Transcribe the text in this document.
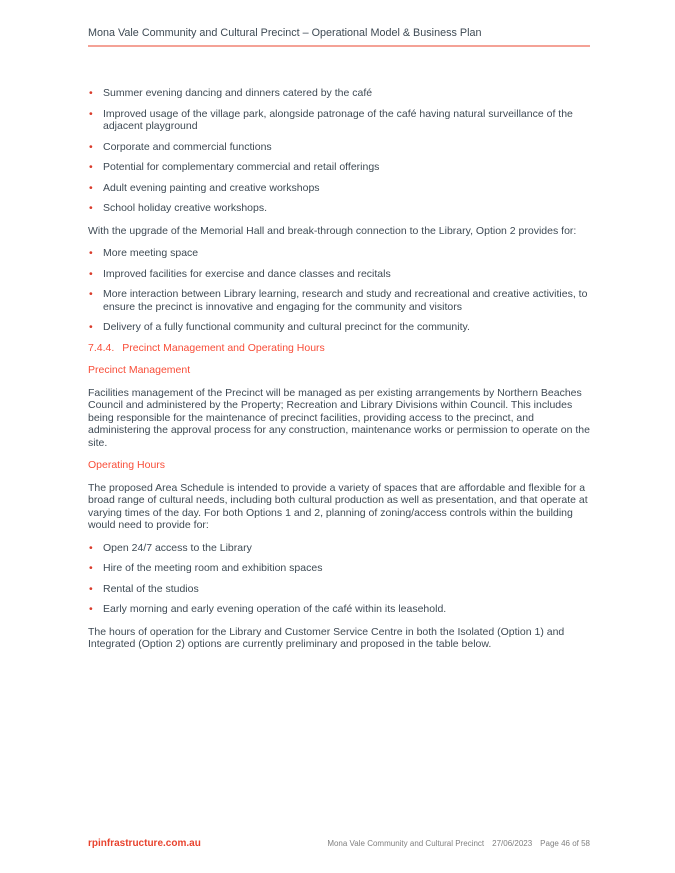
Mona Vale Community and Cultural Precinct – Operational Model & Business Plan
• Summer evening dancing and dinners catered by the café
• Improved usage of the village park, alongside patronage of the café having natural surveillance of the adjacent playground
• Corporate and commercial functions
• Potential for complementary commercial and retail offerings
• Adult evening painting and creative workshops
• School holiday creative workshops.

With the upgrade of the Memorial Hall and break-through connection to the Library, Option 2 provides for:

• More meeting space
• Improved facilities for exercise and dance classes and recitals
• More interaction between Library learning, research and study and recreational and creative activities, to ensure the precinct is innovative and engaging for the community and visitors
• Delivery of a fully functional community and cultural precinct for the community.
7.4.4. Precinct Management and Operating Hours
Precinct Management

Facilities management of the Precinct will be managed as per existing arrangements by Northern Beaches Council and administered by the Property; Recreation and Library Divisions within Council. This includes being responsible for the maintenance of precinct facilities, providing access to the precinct, and administering the approval process for any construction, maintenance works or permission to operate on the site.

Operating Hours

The proposed Area Schedule is intended to provide a variety of spaces that are affordable and flexible for a broad range of cultural needs, including both cultural production as well as presentation, and that operate at varying times of the day. For both Options 1 and 2, planning of zoning/access controls within the building would need to provide for:

• Open 24/7 access to the Library
• Hire of the meeting room and exhibition spaces
• Rental of the studios
• Early morning and early evening operation of the café within its leasehold.

The hours of operation for the Library and Customer Service Centre in both the Isolated (Option 1) and Integrated (Option 2) options are currently preliminary and proposed in the table below.

rpinfrastructure.com.au	Mona Vale Community and Cultural Precinct 27/06/2023 Page 46 of 58
